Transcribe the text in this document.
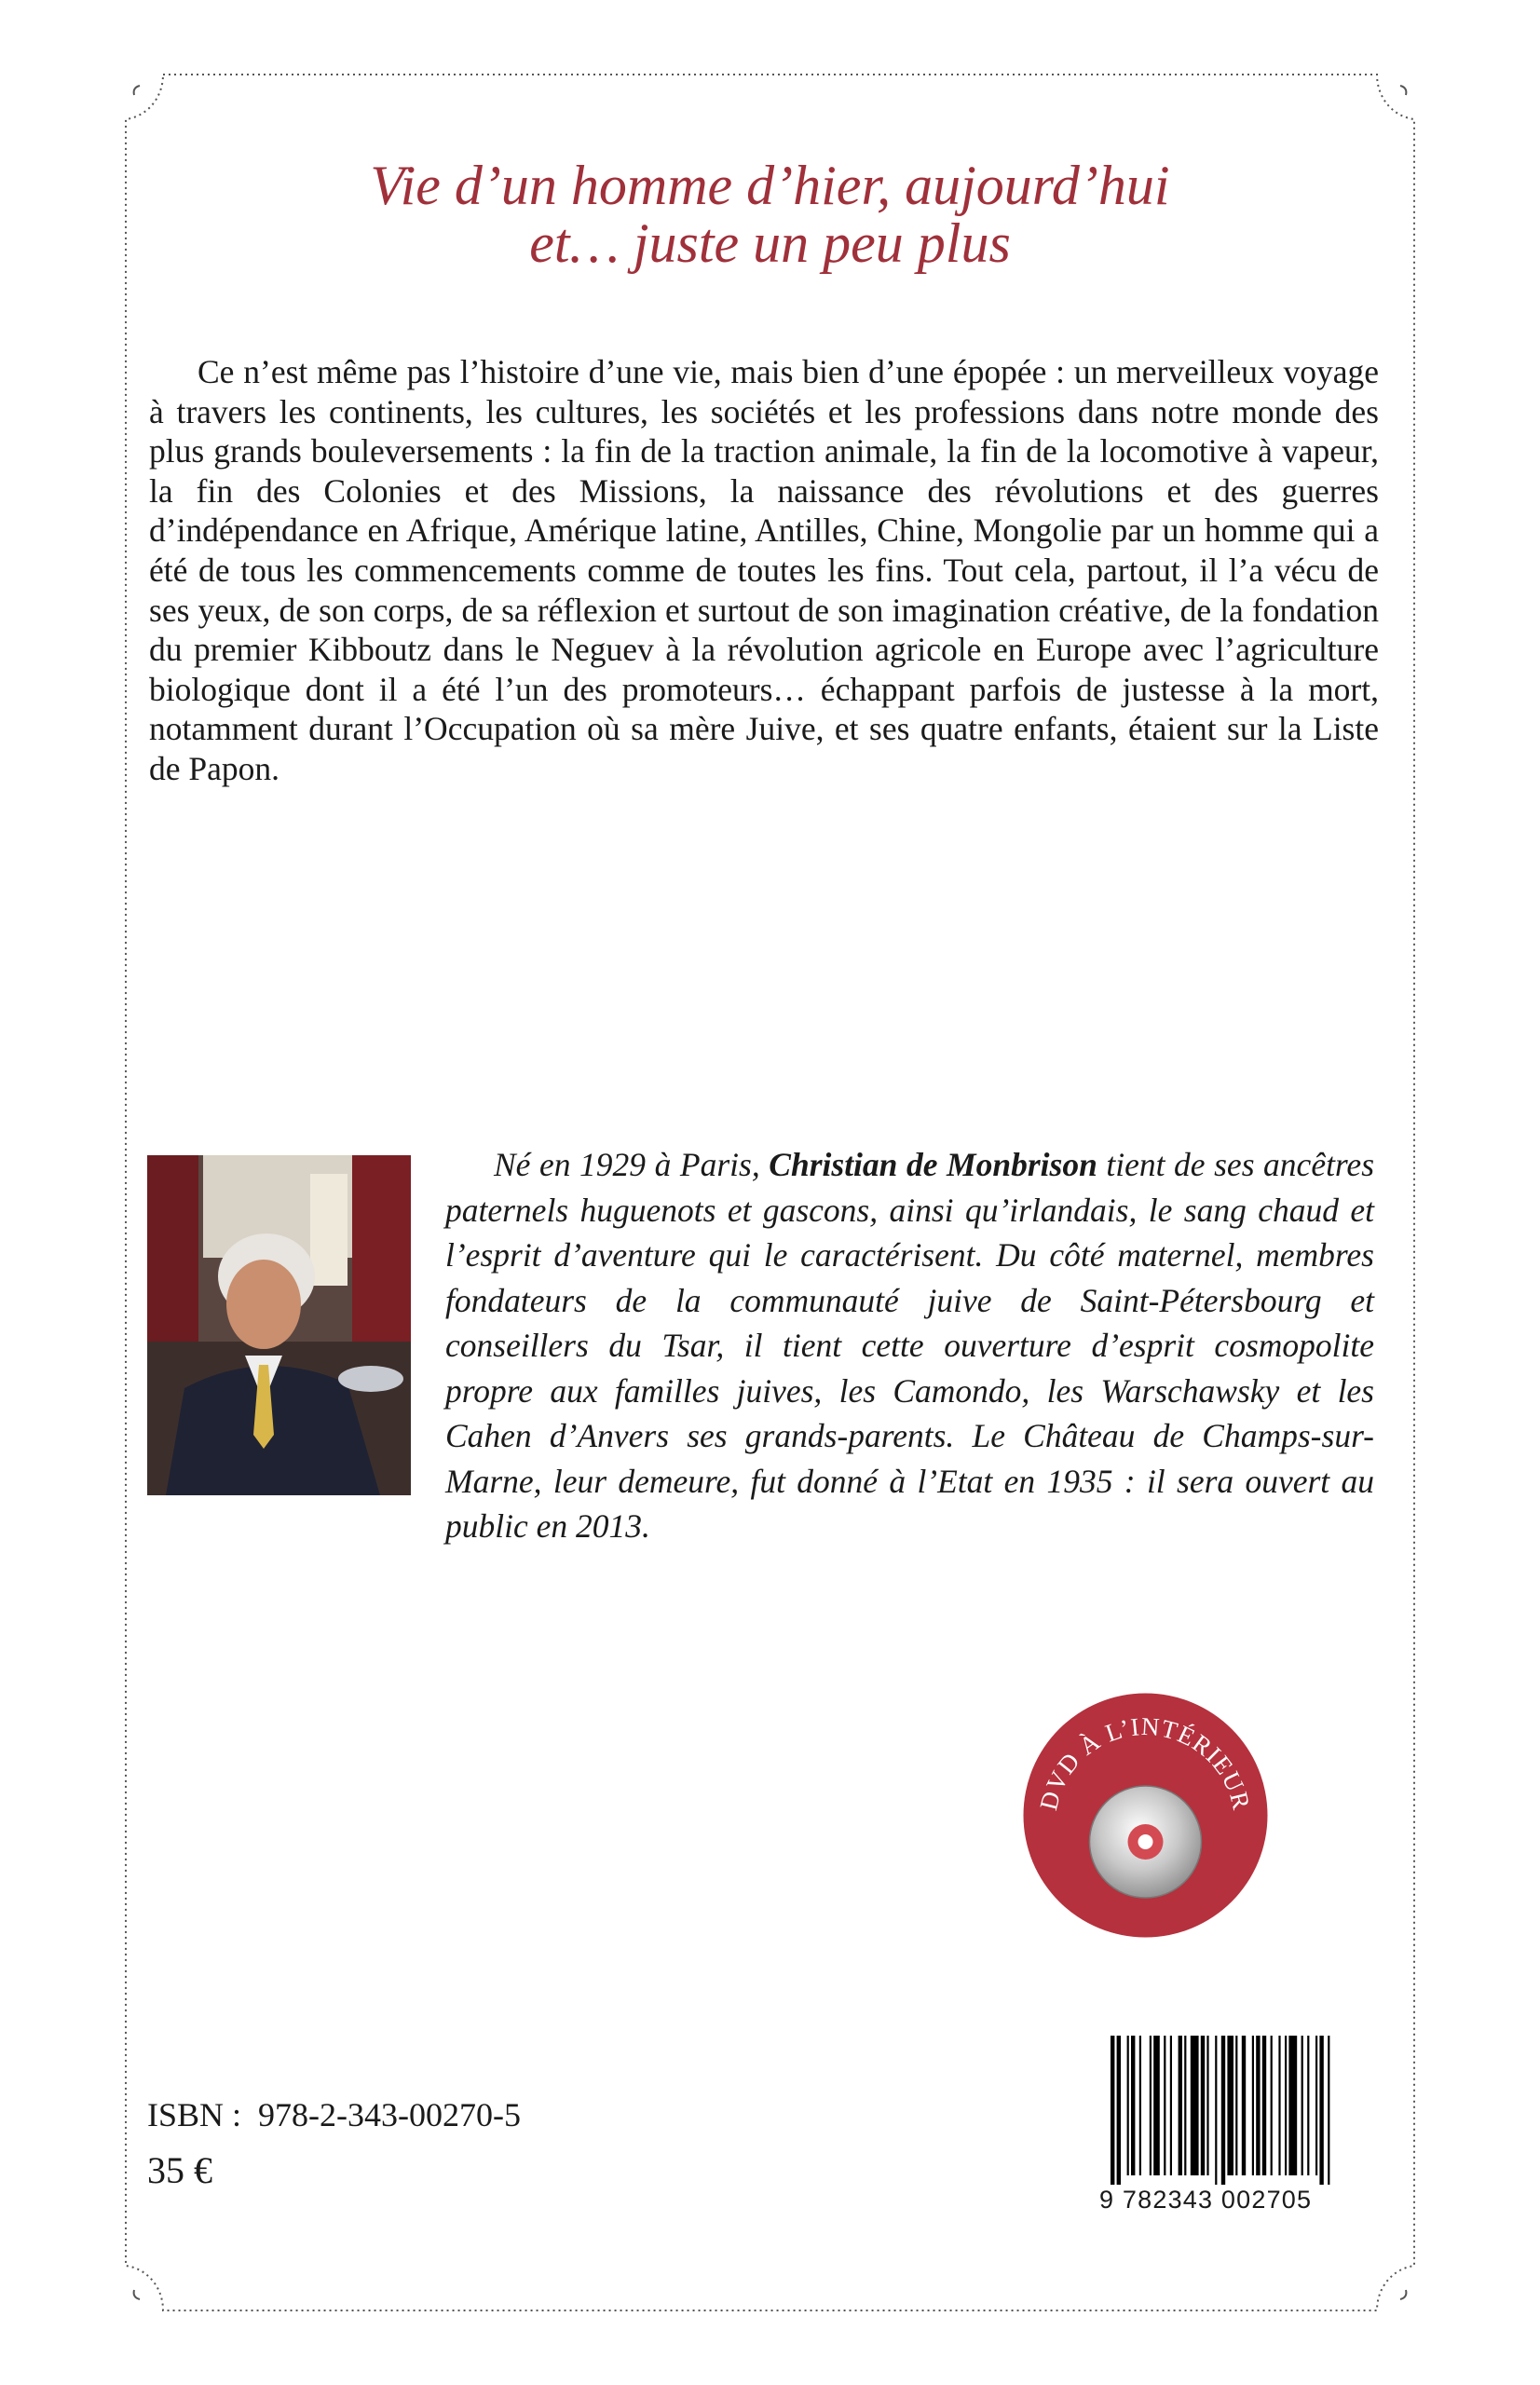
Vie d’un homme d’hier, aujourd’hui
et… juste un peu plus

Ce n’est même pas l’histoire d’une vie, mais bien d’une épopée : un merveilleux voyage à travers les continents, les cultures, les sociétés et les professions dans notre monde des plus grands bouleversements : la fin de la traction animale, la fin de la locomotive à vapeur, la fin des Colonies et des Missions, la naissance des révolutions et des guerres d’indépendance en Afrique, Amérique latine, Antilles, Chine, Mongolie par un homme qui a été de tous les commencements comme de toutes les fins. Tout cela, partout, il l’a vécu de ses yeux, de son corps, de sa réflexion et surtout de son imagination créative, de la fondation du premier Kibboutz dans le Neguev à la révolution agricole en Europe avec l’agriculture biologique dont il a été l’un des promoteurs… échappant parfois de justesse à la mort, notamment durant l’Occupation où sa mère Juive, et ses quatre enfants, étaient sur la Liste de Papon.

Né en 1929 à Paris, Christian de Monbrison tient de ses ancêtres paternels huguenots et gascons, ainsi qu’irlandais, le sang chaud et l’esprit d’aventure qui le caractérisent. Du côté maternel, membres fondateurs de la communauté juive de Saint-Pétersbourg et conseillers du Tsar, il tient cette ouverture d’esprit cosmopolite propre aux familles juives, les Camondo, les Warschawsky et les Cahen d’Anvers ses grands-parents. Le Château de Champs-sur-Marne, leur demeure, fut donné à l’Etat en 1935 : il sera ouvert au public en 2013.

DVD À L’INTÉRIEUR
ISBN :  978-2-343-00270-5
35 €
9 782343 002705
